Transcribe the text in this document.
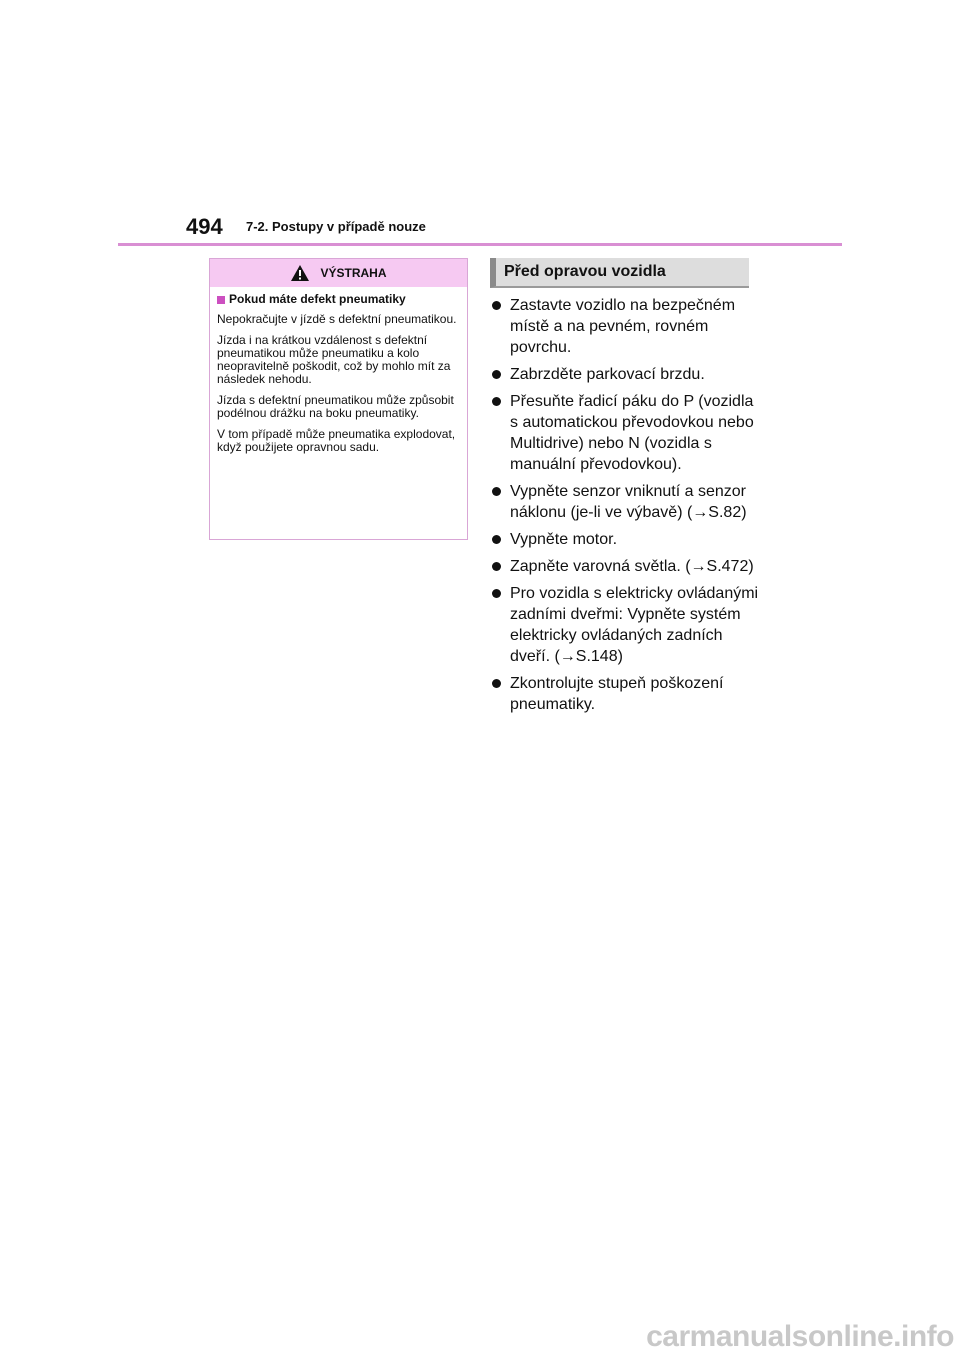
494 7-2. Postupy v případě nouze
VÝSTRAHA
Pokud máte defekt pneumatiky

Nepokračujte v jízdě s defektní pneumatikou.

Jízda i na krátkou vzdálenost s defektní pneumatikou může pneumatiku a kolo neopravitelně poškodit, což by mohlo mít za následek nehodu.

Jízda s defektní pneumatikou může způsobit podélnou drážku na boku pneumatiky.

V tom případě může pneumatika explodovat, když použijete opravnou sadu.

Před opravou vozidla
Zastavte vozidlo na bezpečném místě a na pevném, rovném povrchu.
Zabrzděte parkovací brzdu.
Přesuňte řadicí páku do P (vozidla s automatickou převodovkou nebo Multidrive) nebo N (vozidla s manuální převodovkou).
Vypněte senzor vniknutí a senzor náklonu (je-li ve výbavě) (→S.82)
Vypněte motor.
Zapněte varovná světla. (→S.472)
Pro vozidla s elektricky ovládanými zadními dveřmi: Vypněte systém elektricky ovládaných zadních dveří. (→S.148)
Zkontrolujte stupeň poškození pneumatiky.
carmanualsonline.info
